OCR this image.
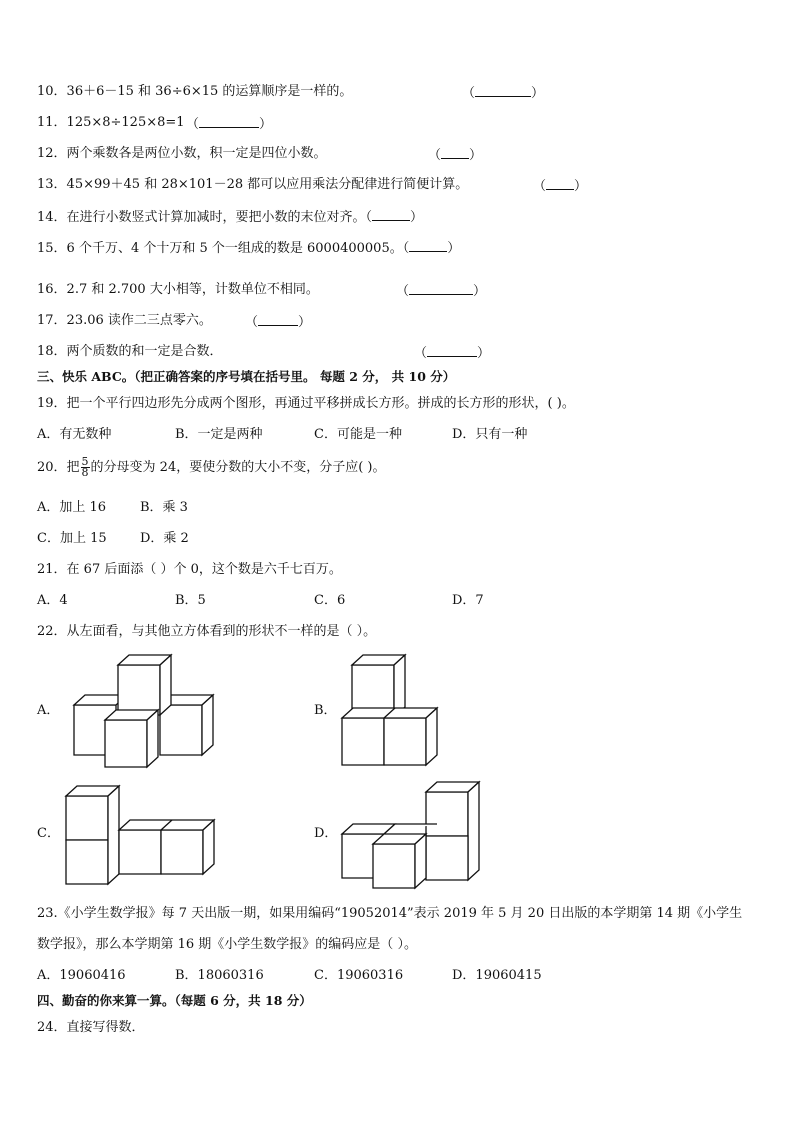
10．36＋6－15 和 36÷6×15 的运算顺序是一样的。	（	）
11．125×8÷125×8=1 （	）
12．两个乘数各是两位小数，积一定是四位小数。	（ ）
13．45×99＋45 和 28×101－28 都可以应用乘法分配律进行简便计算。	（ ）
14．在进行小数竖式计算加减时，要把小数的末位对齐。（	）
15．6 个千万、4 个十万和 5 个一组成的数是 6000400005。（	）
16．2.7 和 2.700 大小相等，计数单位不相同。	（	）
17．23.06 读作二三点零六。	（	）
18．两个质数的和一定是合数．	（	）
三、快乐 ABC。（把正确答案的序号填在括号里。 每题 2 分， 共 10 分）
19．把一个平行四边形先分成两个图形，再通过平移拼成长方形。拼成的长方形的形状，( )。
A．有无数种	B．一定是两种	C．可能是一种	D．只有一种
20．把 $\frac{5}{8}$ 的分母变为 24，要使分数的大小不变，分子应( )。
A．加上 16	B．乘 3
C．加上 15	D．乘 2
21．在 67 后面添（ ）个 0，这个数是六千七百万。
A．4	B．5	C．6	D．7
22．从左面看，与其他立方体看到的形状不一样的是（ ）。
A．	B．
C．	D．
23.《小学生数学报》每 7 天出版一期，如果用编码“19052014”表示 2019 年 5 月 20 日出版的本学期第 14 期《小学生
数学报》，那么本学期第 16 期《小学生数学报》的编码应是（ ）。
A．19060416	B．18060316	C．19060316	D．19060415
四、勤奋的你来算一算。（每题 6 分，共 18 分）
24．直接写得数．
